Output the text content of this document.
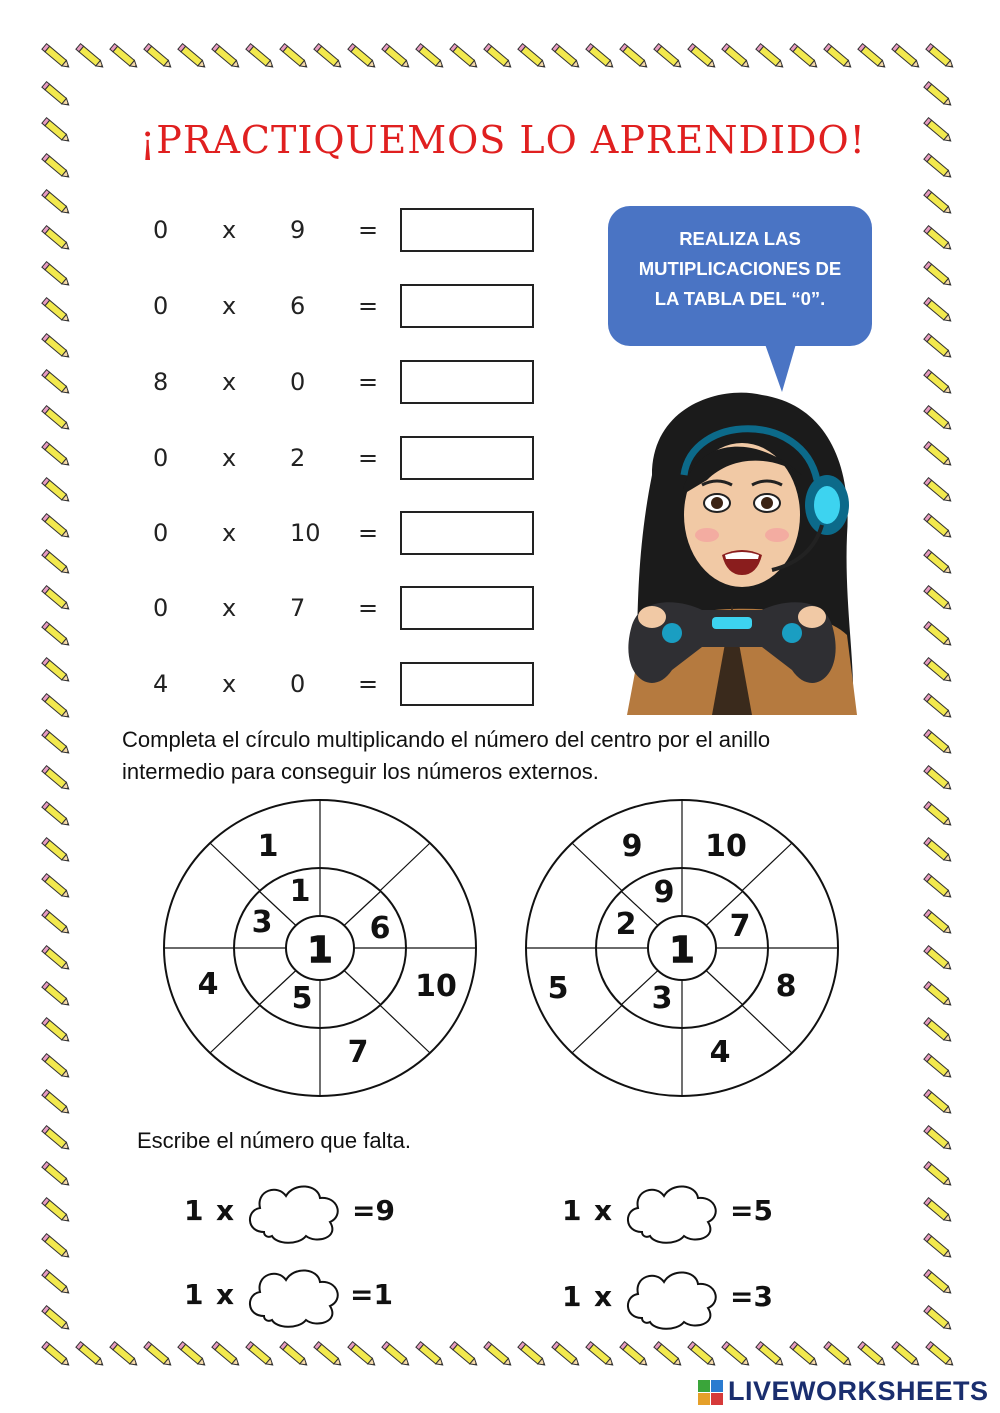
¡PRACTIQUEMOS LO APRENDIDO!
0 x 9 =
0 x 6 =
8 x 0 =
0 x 2 =
0 x 10 =
0 x 7 =
4 x 0 =
REALIZA LAS
MUTIPLICACIONES DE
LA TABLA DEL “0”.
Completa el círculo multiplicando el número del centro por el anillo
intermedio para conseguir los números externos.
1
1
6
5
3
1
10
7
4
1
9
7
3
2
9 10
8
4
5
Escribe el número que falta.
1 x	=9	1 x	=5
1 x	=1	1 x	=3
LIVEWORKSHEETS
